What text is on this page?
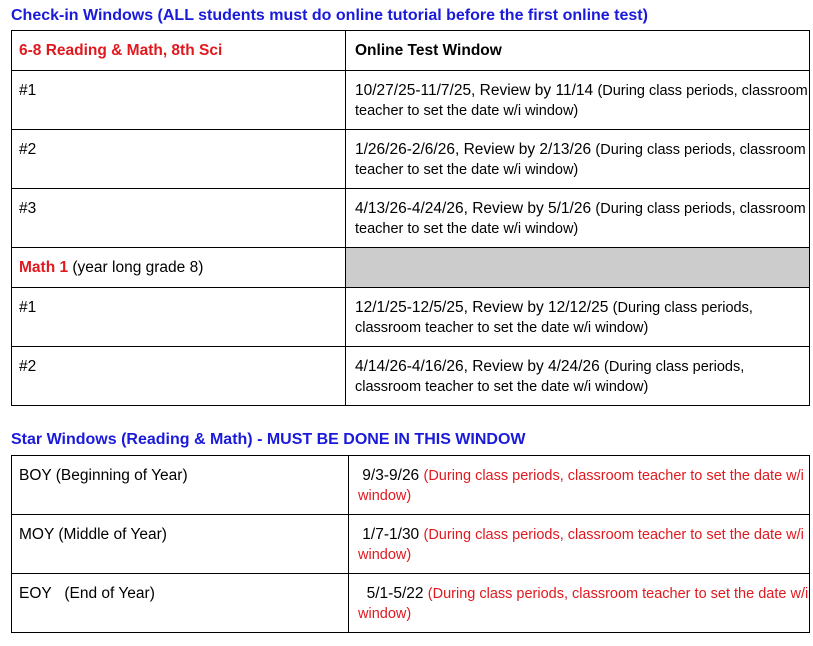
Check-in Windows (ALL students must do online tutorial before the first online test)
6-8 Reading & Math, 8th Sci	Online Test Window

#1	10/27/25-11/7/25, Review by 11/14 (During class periods, classroom teacher to set the date w/i window)

#2	1/26/26-2/6/26, Review by 2/13/26 (During class periods, classroom teacher to set the date w/i window)

#3	4/13/26-4/24/26, Review by 5/1/26 (During class periods, classroom teacher to set the date w/i window)

Math 1 (year long grade 8)	

#1	12/1/25-12/5/25, Review by 12/12/25 (During class periods, classroom teacher to set the date w/i window)

#2	4/14/26-4/16/26, Review by 4/24/26 (During class periods, classroom teacher to set the date w/i window)
Star Windows (Reading & Math) - MUST BE DONE IN THIS WINDOW
BOY (Beginning of Year)	9/3-9/26 (During class periods, classroom teacher to set the date w/i window)

MOY (Middle of Year)	1/7-1/30 (During class periods, classroom teacher to set the date w/i window)

EOY   (End of Year)	5/1-5/22 (During class periods, classroom teacher to set the date w/i window)
